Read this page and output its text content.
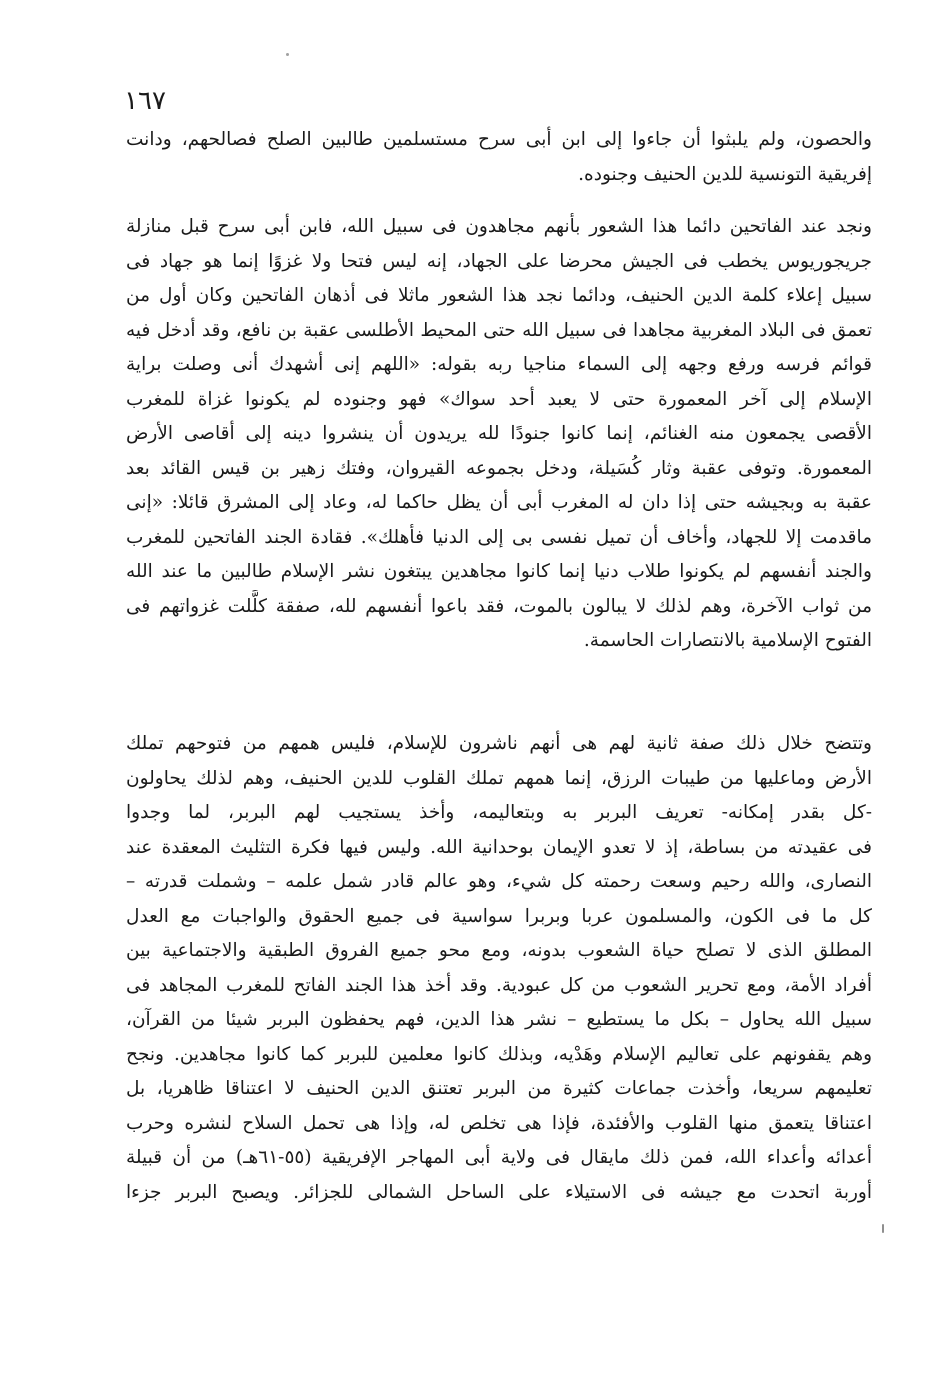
١٦٧
والحصون، ولم يلبثوا أن جاءوا إلى ابن أبى سرح مستسلمين طالبين الصلح فصالحهم، ودانت
إفريقية التونسية للدين الحنيف وجنوده.
ونجد عند الفاتحين دائما هذا الشعور بأنهم مجاهدون فى سبيل الله، فابن أبى سرح قبل منازلة
جريجوريوس يخطب فى الجيش محرضا على الجهاد، إنه ليس فتحا ولا غزوًا إنما هو جهاد فى
سبيل إعلاء كلمة الدين الحنيف، ودائما نجد هذا الشعور ماثلا فى أذهان الفاتحين وكان أول من
تعمق فى البلاد المغربية مجاهدا فى سبيل الله حتى المحيط الأطلسى عقبة بن نافع، وقد أدخل فيه
قوائم فرسه ورفع وجهه إلى السماء مناجيا ربه بقوله: «اللهم إنى أشهدك أنى وصلت براية
الإسلام إلى آخر المعمورة حتى لا يعبد أحد سواك» فهو وجنوده لم يكونوا غزاة للمغرب
الأقصى يجمعون منه الغنائم، إنما كانوا جنودًا لله يريدون أن ينشروا دينه إلى أقاصى الأرض
المعمورة. وتوفى عقبة وثار كُسَيلة، ودخل بجموعه القيروان، وفتك زهير بن قيس القائد بعد
عقبة به وبجيشه حتى إذا دان له المغرب أبى أن يظل حاكما له، وعاد إلى المشرق قائلا: «إنى
ماقدمت إلا للجهاد، وأخاف أن تميل نفسى بى إلى الدنيا فأهلك». فقادة الجند الفاتحين للمغرب
والجند أنفسهم لم يكونوا طلاب دنيا إنما كانوا مجاهدين يبتغون نشر الإسلام طالبين ما عند الله
من ثواب الآخرة، وهم لذلك لا يبالون بالموت، فقد باعوا أنفسهم لله، صفقة كلَّلت غزواتهم فى
الفتوح الإسلامية بالانتصارات الحاسمة.
وتتضح خلال ذلك صفة ثانية لهم هى أنهم ناشرون للإسلام، فليس همهم من فتوحهم تملك
الأرض وماعليها من طيبات الرزق، إنما همهم تملك القلوب للدين الحنيف، وهم لذلك يحاولون
-كل بقدر إمكانه- تعريف البربر به وبتعاليمه، وأخذ يستجيب لهم البربر، لما وجدوا
فى عقيدته من بساطة، إذ لا تعدو الإيمان بوحدانية الله. وليس فيها فكرة التثليث المعقدة عند
النصارى، والله رحيم وسعت رحمته كل شيء، وهو عالم قادر شمل علمه – وشملت قدرته –
كل ما فى الكون، والمسلمون عربا وبربرا سواسية فى جميع الحقوق والواجبات مع العدل
المطلق الذى لا تصلح حياة الشعوب بدونه، ومع محو جميع الفروق الطبقية والاجتماعية بين
أفراد الأمة، ومع تحرير الشعوب من كل عبودية. وقد أخذ هذا الجند الفاتح للمغرب المجاهد فى
سبيل الله يحاول – بكل ما يستطيع – نشر هذا الدين، فهم يحفظون البربر شيئا من القرآن،
وهم يقفونهم على تعاليم الإسلام وهَدْيه، وبذلك كانوا معلمين للبربر كما كانوا مجاهدين. ونجح
تعليمهم سريعا، وأخذت جماعات كثيرة من البربر تعتنق الدين الحنيف لا اعتناقا ظاهريا، بل
اعتناقا يتعمق منها القلوب والأفئدة، فإذا هى تخلص له، وإذا هى تحمل السلاح لنشره وحرب
أعدائه وأعداء الله، فمن ذلك مايقال فى ولاية أبى المهاجر الإفريقية (٥٥-٦١هـ) من أن قبيلة
أوربة اتحدت مع جيشه فى الاستيلاء على الساحل الشمالى للجزائر. ويصبح البربر جزءا
